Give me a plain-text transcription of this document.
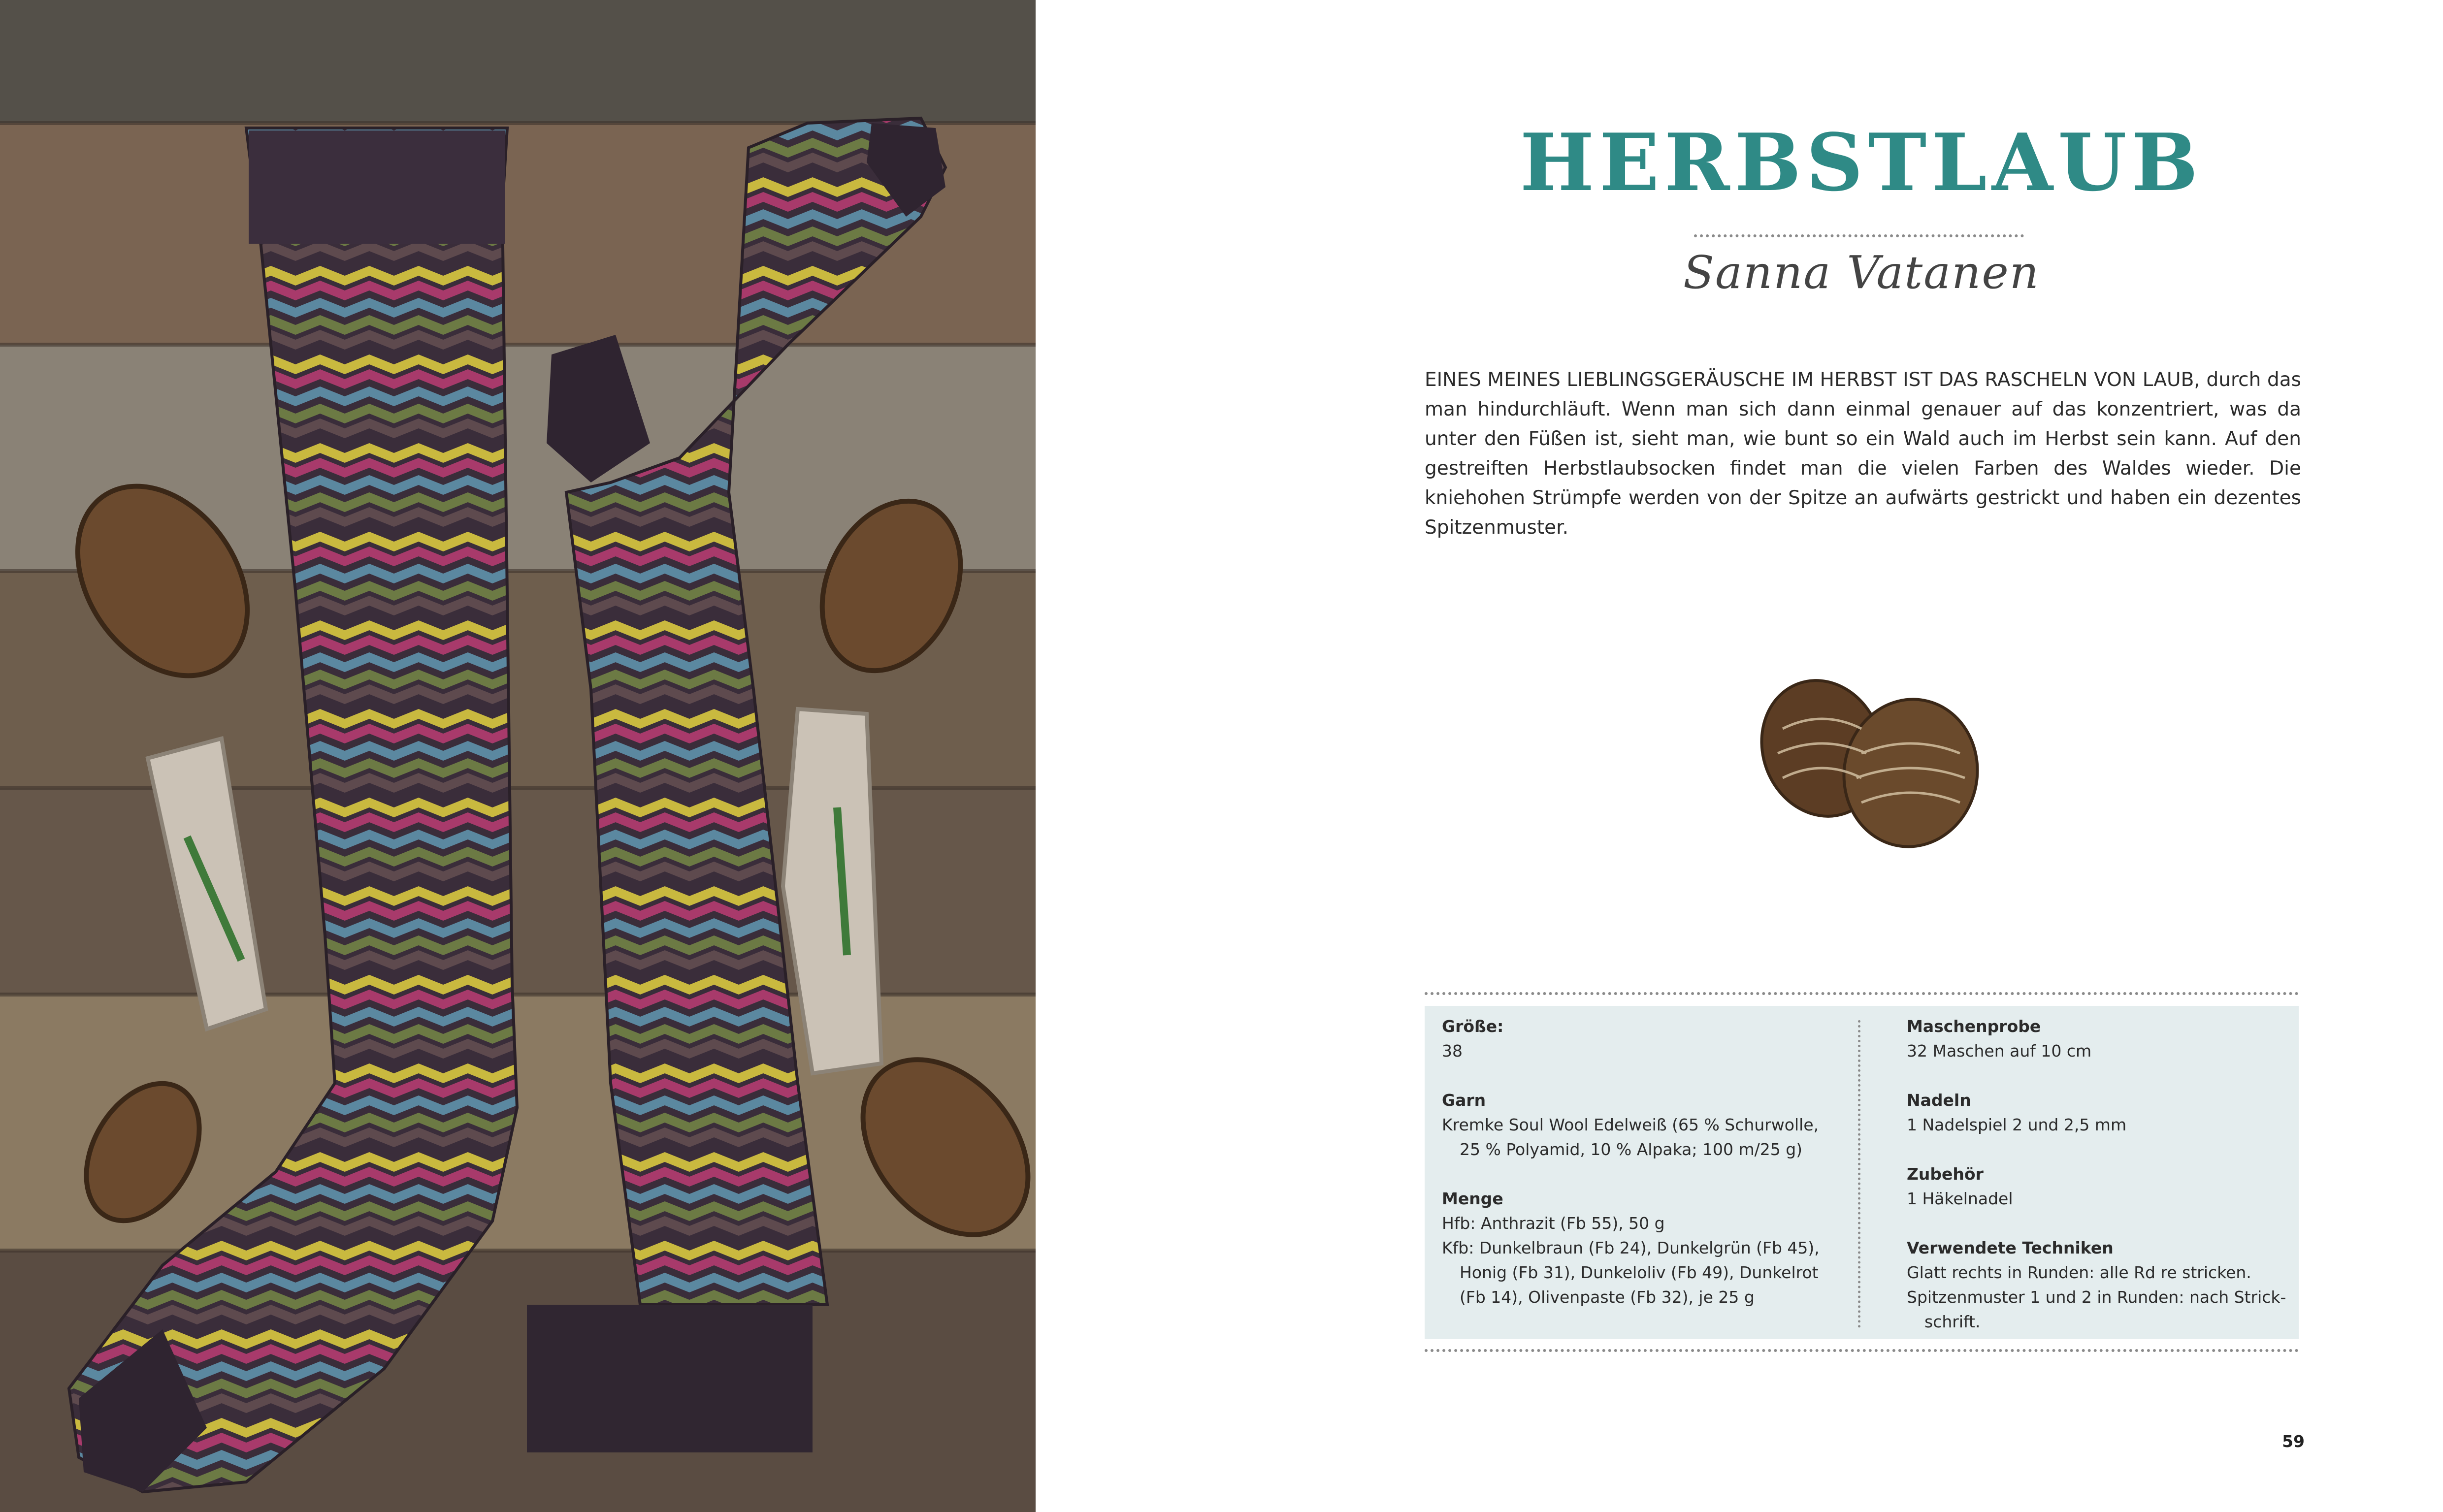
HERBSTLAUB
Sanna Vatanen

EINES MEINES LIEBLINGSGERÄUSCHE IM HERBST IST DAS RASCHELN VON LAUB, durch das man hindurchläuft. Wenn man sich dann einmal genauer auf das konzentriert, was da unter den Füßen ist, sieht man, wie bunt so ein Wald auch im Herbst sein kann. Auf den gestreiften Herbstlaubsocken findet man die vielen Farben des Waldes wieder. Die kniehohen Strümpfe werden von der Spitze an aufwärts gestrickt und haben ein dezentes Spitzenmuster.

Größe:

38

Garn

Kremke Soul Wool Edelweiß (65 % Schurwolle,

25 % Polyamid, 10 % Alpaka; 100 m/25 g)

Menge

Hfb: Anthrazit (Fb 55), 50 g

Kfb: Dunkelbraun (Fb 24), Dunkelgrün (Fb 45),

Honig (Fb 31), Dunkeloliv (Fb 49), Dunkelrot

(Fb 14), Olivenpaste (Fb 32), je 25 g

Maschenprobe

32 Maschen auf 10 cm

Nadeln

1 Nadelspiel 2 und 2,5 mm

Zubehör

1 Häkelnadel

Verwendete Techniken

Glatt rechts in Runden: alle Rd re stricken.

Spitzenmuster 1 und 2 in Runden: nach Strick-

schrift.

59
